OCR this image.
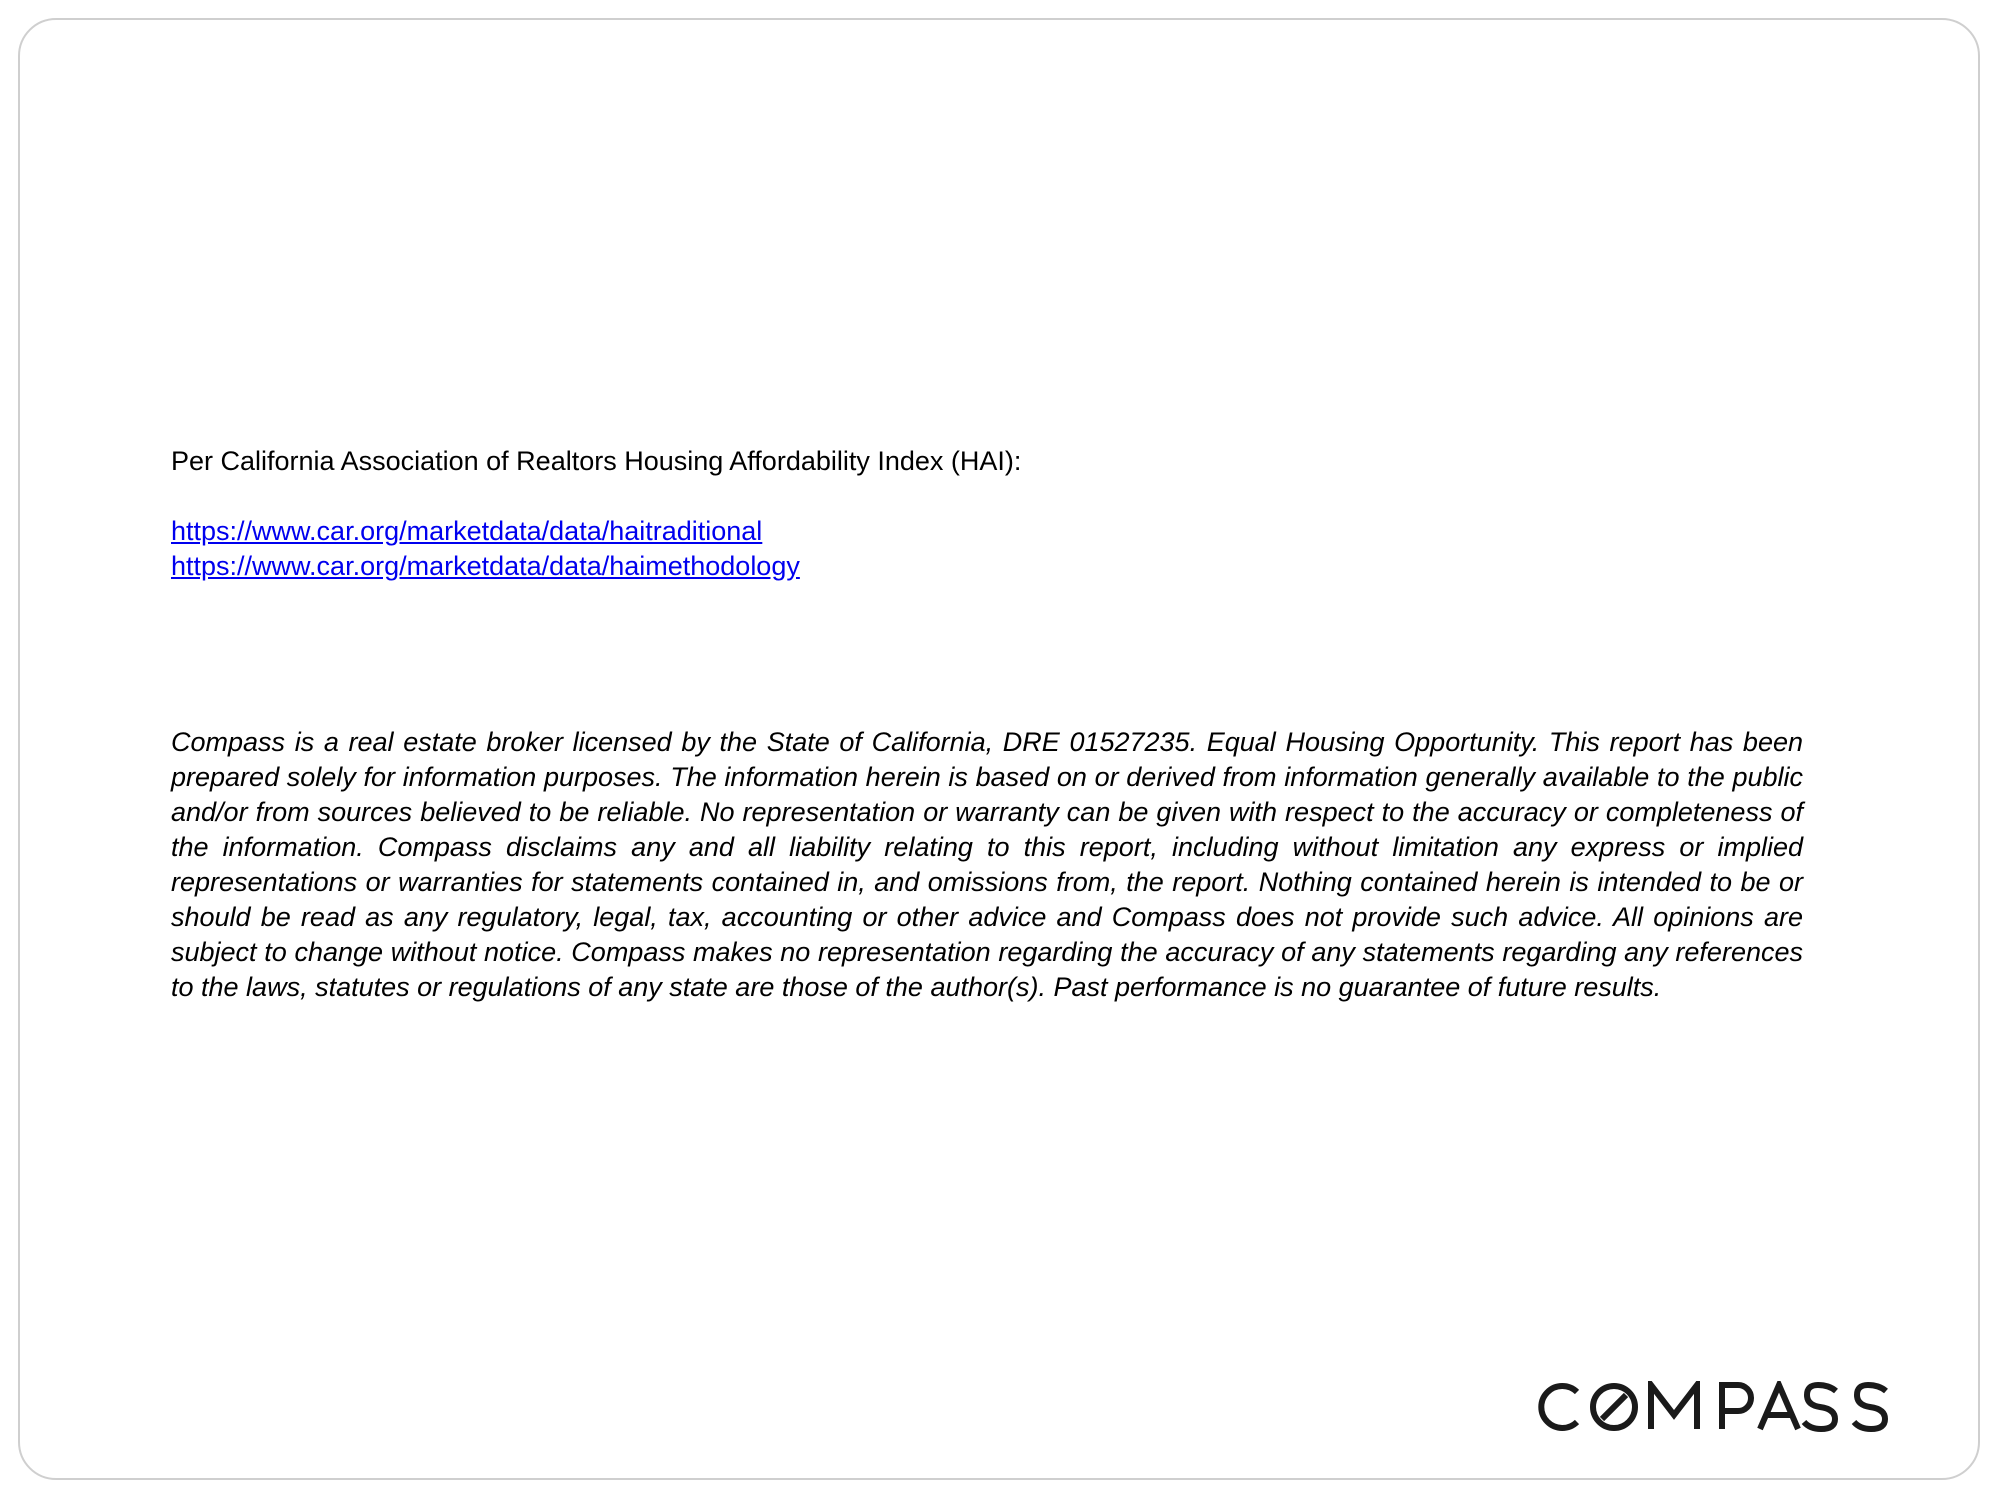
Per California Association of Realtors Housing Affordability Index (HAI):

https://www.car.org/marketdata/data/haitraditional
https://www.car.org/marketdata/data/haimethodology

Compass is a real estate broker licensed by the State of California, DRE 01527235. Equal Housing Opportunity. This report has been prepared solely for information purposes. The information herein is based on or derived from information generally available to the public and/or from sources believed to be reliable. No representation or warranty can be given with respect to the accuracy or completeness of the information. Compass disclaims any and all liability relating to this report, including without limitation any express or implied representations or warranties for statements contained in, and omissions from, the report. Nothing contained herein is intended to be or should be read as any regulatory, legal, tax, accounting or other advice and Compass does not provide such advice. All opinions are subject to change without notice. Compass makes no representation regarding the accuracy of any statements regarding any references to the laws, statutes or regulations of any state are those of the author(s). Past performance is no guarantee of future results.

COMPASS
